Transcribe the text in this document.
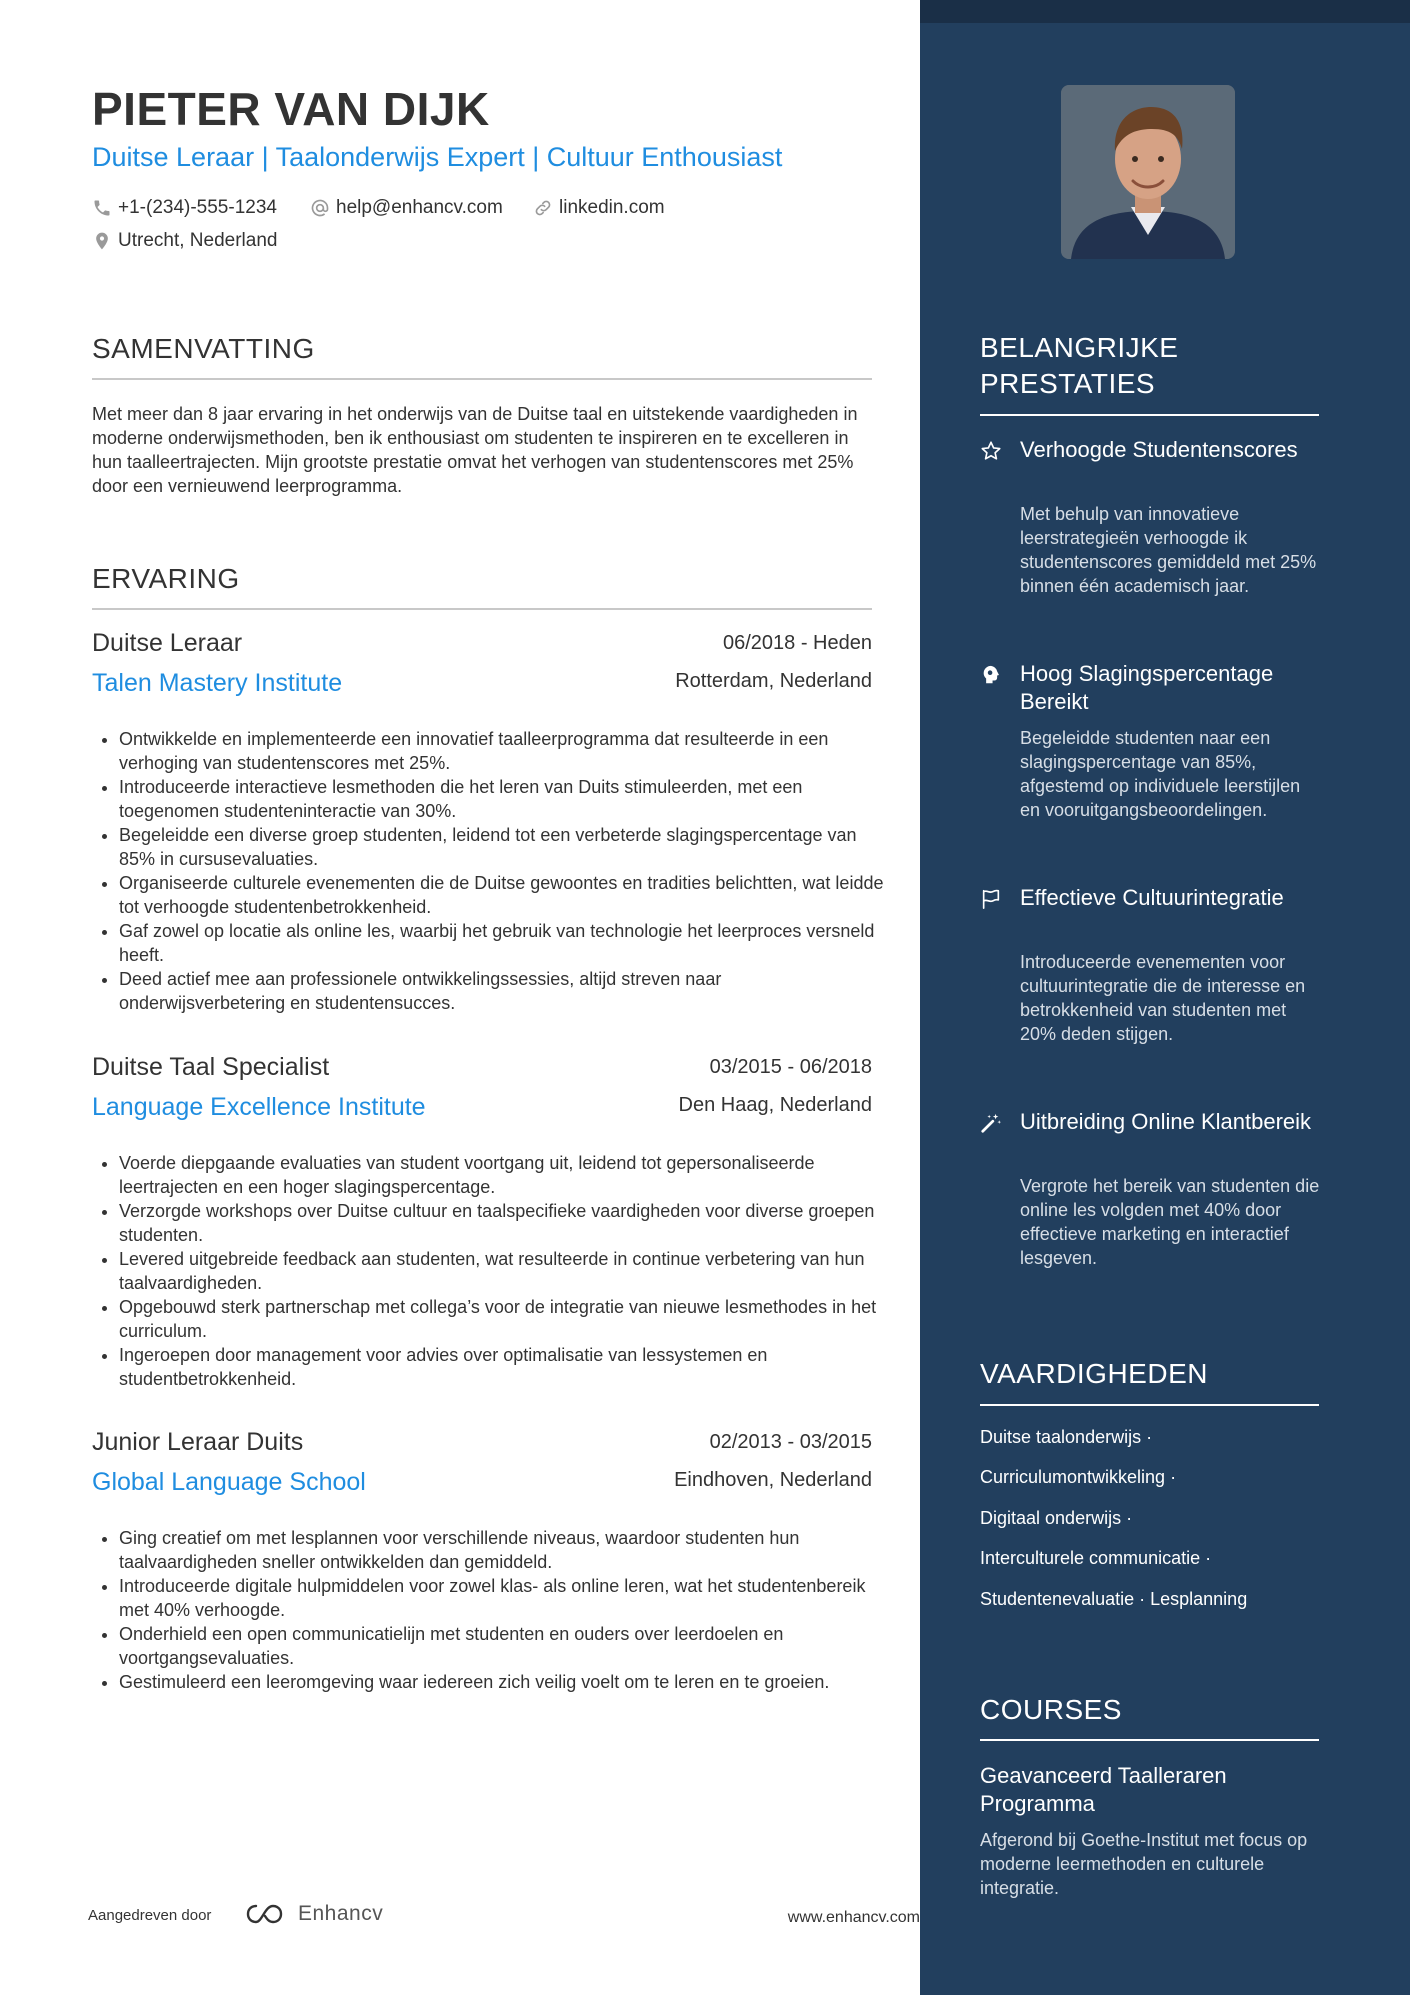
PIETER VAN DIJK
Duitse Leraar | Taalonderwijs Expert | Cultuur Enthousiast
+1-(234)-555-1234	help@enhancv.com	linkedin.com
Utrecht, Nederland
SAMENVATTING
Met meer dan 8 jaar ervaring in het onderwijs van de Duitse taal en uitstekende vaardigheden in moderne onderwijsmethoden, ben ik enthousiast om studenten te inspireren en te excelleren in hun taalleertrajecten. Mijn grootste prestatie omvat het verhogen van studentenscores met 25% door een vernieuwend leerprogramma.
ERVARING
Duitse Leraar	06/2018 - Heden
Talen Mastery Institute	Rotterdam, Nederland
• Ontwikkelde en implementeerde een innovatief taalleerprogramma dat resulteerde in een verhoging van studentenscores met 25%.
• Introduceerde interactieve lesmethoden die het leren van Duits stimuleerden, met een toegenomen studenteninteractie van 30%.
• Begeleidde een diverse groep studenten, leidend tot een verbeterde slagingspercentage van 85% in cursusevaluaties.
• Organiseerde culturele evenementen die de Duitse gewoontes en tradities belichtten, wat leidde tot verhoogde studentenbetrokkenheid.
• Gaf zowel op locatie als online les, waarbij het gebruik van technologie het leerproces versneld heeft.
• Deed actief mee aan professionele ontwikkelingssessies, altijd streven naar onderwijsverbetering en studentensucces.
Duitse Taal Specialist	03/2015 - 06/2018
Language Excellence Institute	Den Haag, Nederland
• Voerde diepgaande evaluaties van student voortgang uit, leidend tot gepersonaliseerde leertrajecten en een hoger slagingspercentage.
• Verzorgde workshops over Duitse cultuur en taalspecifieke vaardigheden voor diverse groepen studenten.
• Levered uitgebreide feedback aan studenten, wat resulteerde in continue verbetering van hun taalvaardigheden.
• Opgebouwd sterk partnerschap met collega’s voor de integratie van nieuwe lesmethodes in het curriculum.
• Ingeroepen door management voor advies over optimalisatie van lessystemen en studentbetrokkenheid.
Junior Leraar Duits	02/2013 - 03/2015
Global Language School	Eindhoven, Nederland
• Ging creatief om met lesplannen voor verschillende niveaus, waardoor studenten hun taalvaardigheden sneller ontwikkelden dan gemiddeld.
• Introduceerde digitale hulpmiddelen voor zowel klas- als online leren, wat het studentenbereik met 40% verhoogde.
• Onderhield een open communicatielijn met studenten en ouders over leerdoelen en voortgangsevaluaties.
• Gestimuleerd een leeromgeving waar iedereen zich veilig voelt om te leren en te groeien.
Aangedreven door	Enhancv	www.enhancv.com
BELANGRIJKE PRESTATIES
Verhoogde Studentenscores
Met behulp van innovatieve leerstrategieën verhoogde ik studentenscores gemiddeld met 25% binnen één academisch jaar.
Hoog Slagingspercentage Bereikt
Begeleidde studenten naar een slagingspercentage van 85%, afgestemd op individuele leerstijlen en vooruitgangsbeoordelingen.
Effectieve Cultuurintegratie
Introduceerde evenementen voor cultuurintegratie die de interesse en betrokkenheid van studenten met 20% deden stijgen.
Uitbreiding Online Klantbereik
Vergrote het bereik van studenten die online les volgden met 40% door effectieve marketing en interactief lesgeven.
VAARDIGHEDEN
Duitse taalonderwijs ·
Curriculumontwikkeling ·
Digitaal onderwijs ·
Interculturele communicatie ·
Studentenevaluatie · Lesplanning
COURSES
Geavanceerd Taalleraren Programma
Afgerond bij Goethe-Institut met focus op moderne leermethoden en culturele integratie.
